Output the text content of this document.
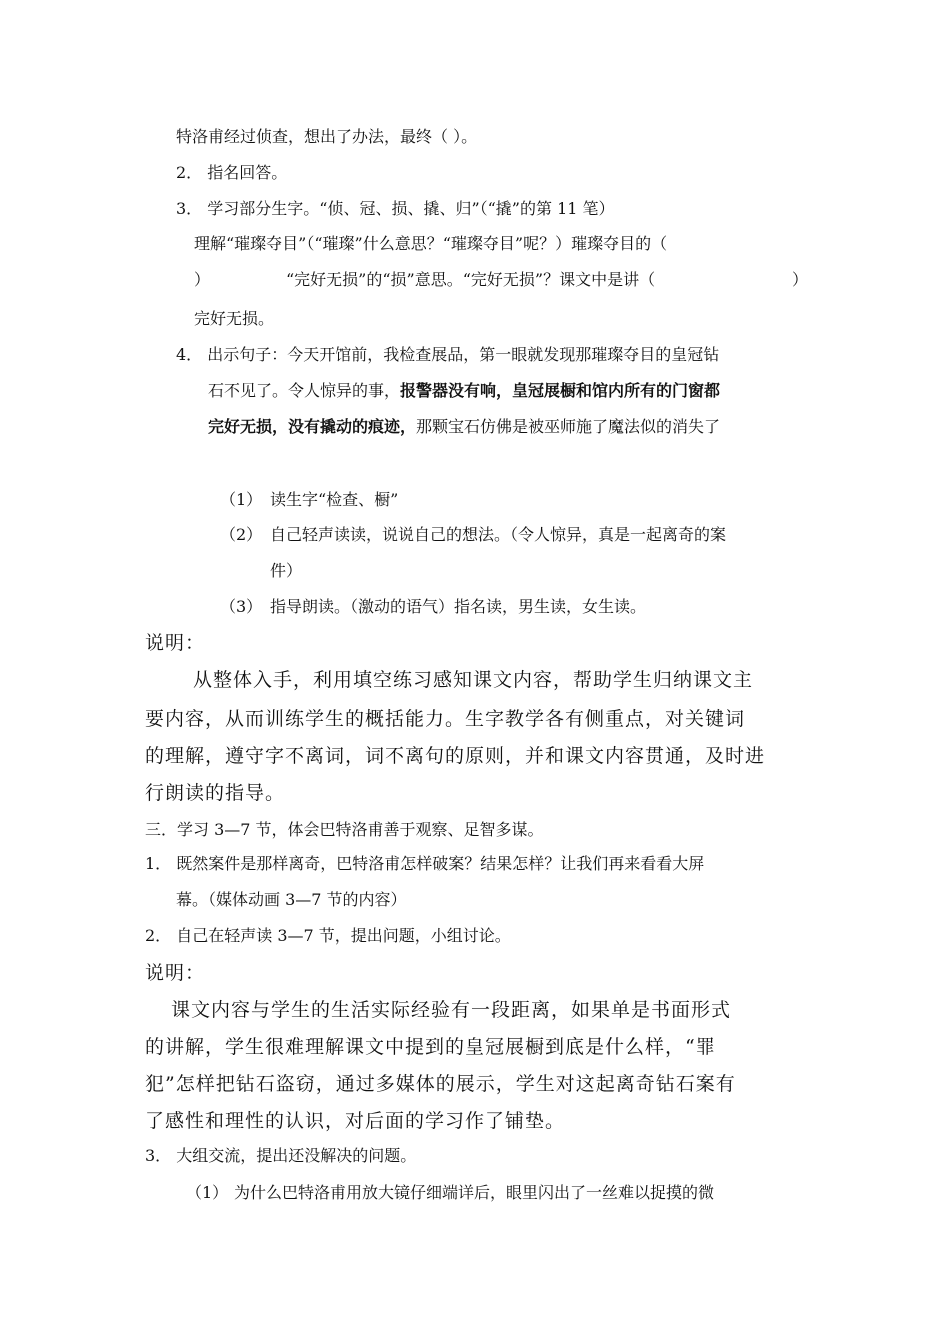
特洛甫经过侦查，想出了办法，最终（ ）。
2． 指名回答。
3． 学习部分生字。“侦、冠、损、撬、归”（“撬”的第 11 笔）
理解“璀璨夺目”（“璀璨”什么意思？“璀璨夺目”呢？）璀璨夺目的（
）	“完好无损”的“损”意思。“完好无损”？课文中是讲（	）
完好无损。
4． 出示句子：今天开馆前，我检查展品，第一眼就发现那璀璨夺目的皇冠钻
石不见了。令人惊异的事，报警器没有响，皇冠展橱和馆内所有的门窗都
完好无损，没有撬动的痕迹，那颗宝石仿佛是被巫师施了魔法似的消失了
（1） 读生字“检查、橱”
（2） 自己轻声读读，说说自己的想法。（令人惊异，真是一起离奇的案
件）
（3） 指导朗读。（激动的语气）指名读，男生读，女生读。
说明：
从整体入手，利用填空练习感知课文内容，帮助学生归纳课文主
要内容，从而训练学生的概括能力。生字教学各有侧重点，对关键词
的理解，遵守字不离词，词不离句的原则，并和课文内容贯通，及时进
行朗读的指导。
三．学习 3—7 节，体会巴特洛甫善于观察、足智多谋。
1． 既然案件是那样离奇，巴特洛甫怎样破案？结果怎样？让我们再来看看大屏
幕。（媒体动画 3—7 节的内容）
2． 自己在轻声读 3—7 节，提出问题，小组讨论。
说明：
课文内容与学生的生活实际经验有一段距离，如果单是书面形式
的讲解，学生很难理解课文中提到的皇冠展橱到底是什么样，“罪
犯”怎样把钻石盗窃，通过多媒体的展示，学生对这起离奇钻石案有
了感性和理性的认识，对后面的学习作了铺垫。
3． 大组交流，提出还没解决的问题。
（1） 为什么巴特洛甫用放大镜仔细端详后，眼里闪出了一丝难以捉摸的微
